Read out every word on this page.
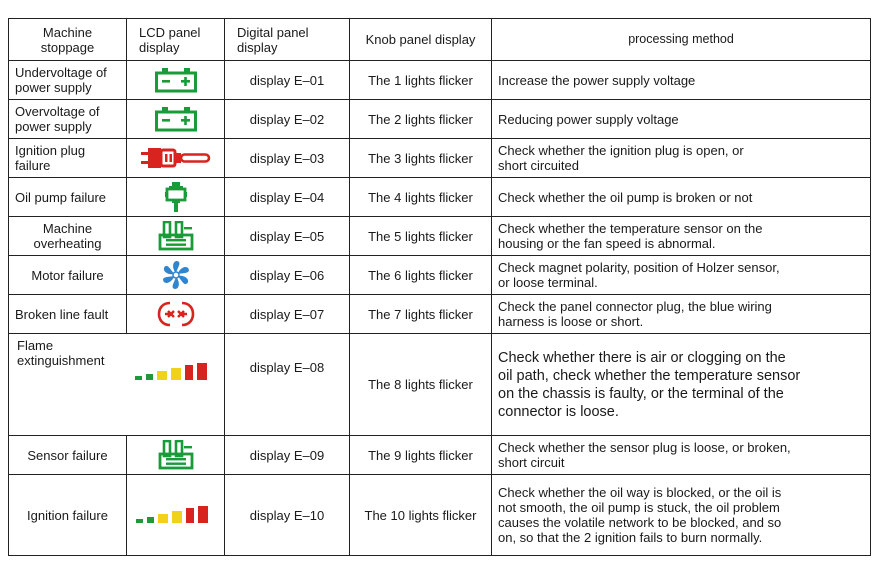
Machine
stoppage	LCD panel
display	Digital panel
display	Knob panel display	processing method
Undervoltage of
power supply		display E–01	The 1 lights flicker	Increase the power supply voltage
Overvoltage of
power supply		display E–02	The 2 lights flicker	Reducing power supply voltage
Ignition plug
failure		display E–03	The 3 lights flicker	Check whether the ignition plug is open, or
short circuited
Oil pump failure		display E–04	The 4 lights flicker	Check whether the oil pump is broken or not
Machine
overheating		display E–05	The 5 lights flicker	Check whether the temperature sensor on the
housing or the fan speed is abnormal.
Motor failure		display E–06	The 6 lights flicker	Check magnet polarity, position of Holzer sensor,
or loose terminal.
Broken line fault		display E–07	The 7 lights flicker	Check the panel connector plug, the blue wiring
harness is loose or short.

Flame
extinguishment		display E–08	The 8 lights flicker	Check whether there is air or clogging on the
oil path, check whether the temperature sensor
on the chassis is faulty, or the terminal of the
connector is loose.
Sensor failure		display E–09	The 9 lights flicker	Check whether the sensor plug is loose, or broken,
short circuit
Ignition failure		display E–10	The 10 lights flicker	Check whether the oil way is blocked, or the oil is
not smooth, the oil pump is stuck, the oil problem
causes the volatile network to be blocked, and so
on, so that the 2 ignition fails to burn normally.
